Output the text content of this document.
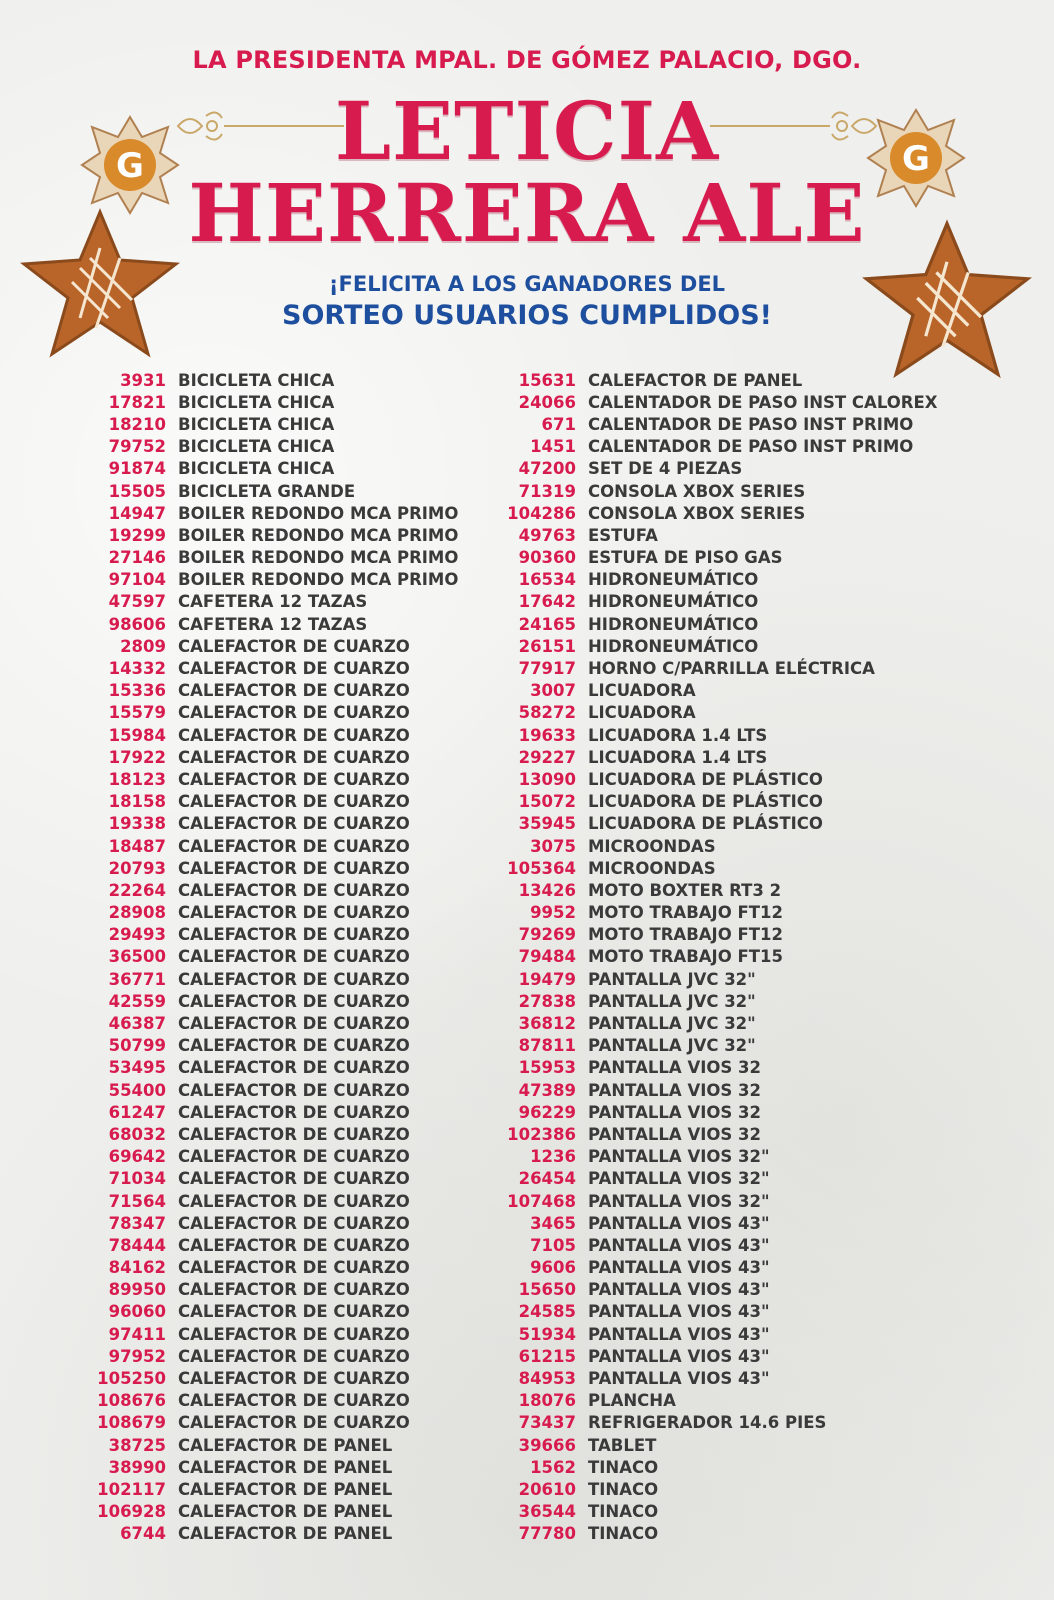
LA PRESIDENTA MPAL. DE GÓMEZ PALACIO, DGO.
LETICIA
HERRERA ALE
¡FELICITA A LOS GANADORES DEL
SORTEO USUARIOS CUMPLIDOS!
G	G
3931 BICICLETA CHICA
17821 BICICLETA CHICA
18210 BICICLETA CHICA
79752 BICICLETA CHICA
91874 BICICLETA CHICA
15505 BICICLETA GRANDE
14947 BOILER REDONDO MCA PRIMO
19299 BOILER REDONDO MCA PRIMO
27146 BOILER REDONDO MCA PRIMO
97104 BOILER REDONDO MCA PRIMO
47597 CAFETERA 12 TAZAS
98606 CAFETERA 12 TAZAS
2809 CALEFACTOR DE CUARZO
14332 CALEFACTOR DE CUARZO
15336 CALEFACTOR DE CUARZO
15579 CALEFACTOR DE CUARZO
15984 CALEFACTOR DE CUARZO
17922 CALEFACTOR DE CUARZO
18123 CALEFACTOR DE CUARZO
18158 CALEFACTOR DE CUARZO
19338 CALEFACTOR DE CUARZO
18487 CALEFACTOR DE CUARZO
20793 CALEFACTOR DE CUARZO
22264 CALEFACTOR DE CUARZO
28908 CALEFACTOR DE CUARZO
29493 CALEFACTOR DE CUARZO
36500 CALEFACTOR DE CUARZO
36771 CALEFACTOR DE CUARZO
42559 CALEFACTOR DE CUARZO
46387 CALEFACTOR DE CUARZO
50799 CALEFACTOR DE CUARZO
53495 CALEFACTOR DE CUARZO
55400 CALEFACTOR DE CUARZO
61247 CALEFACTOR DE CUARZO
68032 CALEFACTOR DE CUARZO
69642 CALEFACTOR DE CUARZO
71034 CALEFACTOR DE CUARZO
71564 CALEFACTOR DE CUARZO
78347 CALEFACTOR DE CUARZO
78444 CALEFACTOR DE CUARZO
84162 CALEFACTOR DE CUARZO
89950 CALEFACTOR DE CUARZO
96060 CALEFACTOR DE CUARZO
97411 CALEFACTOR DE CUARZO
97952 CALEFACTOR DE CUARZO
105250 CALEFACTOR DE CUARZO
108676 CALEFACTOR DE CUARZO
108679 CALEFACTOR DE CUARZO
38725 CALEFACTOR DE PANEL
38990 CALEFACTOR DE PANEL
102117 CALEFACTOR DE PANEL
106928 CALEFACTOR DE PANEL
6744 CALEFACTOR DE PANEL
15631 CALEFACTOR DE PANEL
24066 CALENTADOR DE PASO INST CALOREX
671 CALENTADOR DE PASO INST PRIMO
1451 CALENTADOR DE PASO INST PRIMO
47200 SET DE 4 PIEZAS
71319 CONSOLA XBOX SERIES
104286 CONSOLA XBOX SERIES
49763 ESTUFA
90360 ESTUFA DE PISO GAS
16534 HIDRONEUMÁTICO
17642 HIDRONEUMÁTICO
24165 HIDRONEUMÁTICO
26151 HIDRONEUMÁTICO
77917 HORNO C/PARRILLA ELÉCTRICA
3007 LICUADORA
58272 LICUADORA
19633 LICUADORA 1.4 LTS
29227 LICUADORA 1.4 LTS
13090 LICUADORA DE PLÁSTICO
15072 LICUADORA DE PLÁSTICO
35945 LICUADORA DE PLÁSTICO
3075 MICROONDAS
105364 MICROONDAS
13426 MOTO BOXTER RT3 2
9952 MOTO TRABAJO FT12
79269 MOTO TRABAJO FT12
79484 MOTO TRABAJO FT15
19479 PANTALLA JVC 32"
27838 PANTALLA JVC 32"
36812 PANTALLA JVC 32"
87811 PANTALLA JVC 32"
15953 PANTALLA VIOS 32
47389 PANTALLA VIOS 32
96229 PANTALLA VIOS 32
102386 PANTALLA VIOS 32
1236 PANTALLA VIOS 32"
26454 PANTALLA VIOS 32"
107468 PANTALLA VIOS 32"
3465 PANTALLA VIOS 43"
7105 PANTALLA VIOS 43"
9606 PANTALLA VIOS 43"
15650 PANTALLA VIOS 43"
24585 PANTALLA VIOS 43"
51934 PANTALLA VIOS 43"
61215 PANTALLA VIOS 43"
84953 PANTALLA VIOS 43"
18076 PLANCHA
73437 REFRIGERADOR 14.6 PIES
39666 TABLET
1562 TINACO
20610 TINACO
36544 TINACO
77780 TINACO
